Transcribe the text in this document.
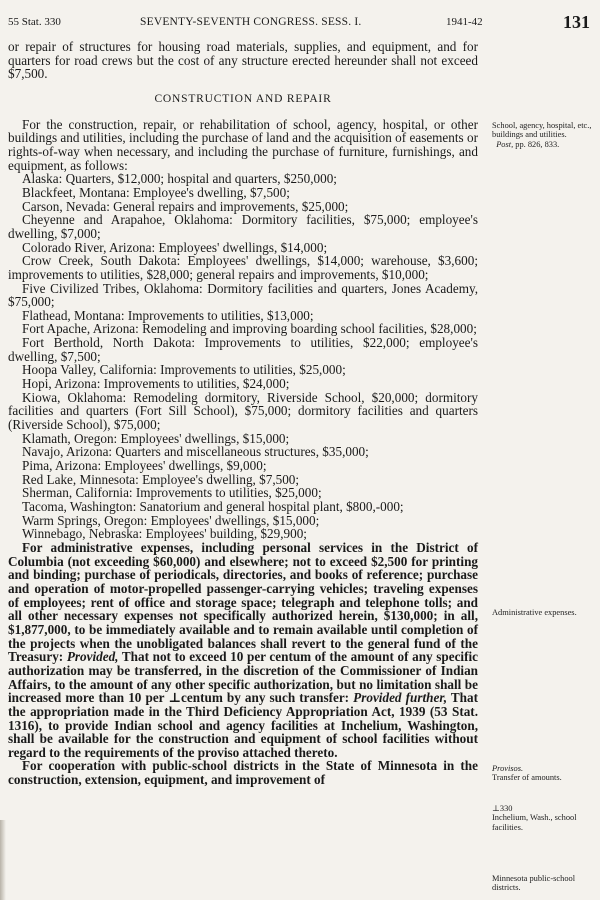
55 Stat. 330	SEVENTY-SEVENTH CONGRESS. SESS. I.	1941-42	131

or repair of structures for housing road materials, supplies, and equipment, and for quarters for road crews but the cost of any structure erected hereunder shall not exceed $7,500.

CONSTRUCTION AND REPAIR

For the construction, repair, or rehabilitation of school, agency, hospital, or other buildings and utilities, including the purchase of land and the acquisition of easements or rights-of-way when necessary, and including the purchase of furniture, furnishings, and equipment, as follows:

Alaska: Quarters, $12,000; hospital and quarters, $250,000;

Blackfeet, Montana: Employee's dwelling, $7,500;

Carson, Nevada: General repairs and improvements, $25,000;

Cheyenne and Arapahoe, Oklahoma: Dormitory facilities, $75,000; employee's dwelling, $7,000;

Colorado River, Arizona: Employees' dwellings, $14,000;

Crow Creek, South Dakota: Employees' dwellings, $14,000; warehouse, $3,600; improvements to utilities, $28,000; general repairs and improvements, $10,000;

Five Civilized Tribes, Oklahoma: Dormitory facilities and quarters, Jones Academy, $75,000;

Flathead, Montana: Improvements to utilities, $13,000;

Fort Apache, Arizona: Remodeling and improving boarding school facilities, $28,000;

Fort Berthold, North Dakota: Improvements to utilities, $22,000; employee's dwelling, $7,500;

Hoopa Valley, California: Improvements to utilities, $25,000;

Hopi, Arizona: Improvements to utilities, $24,000;

Kiowa, Oklahoma: Remodeling dormitory, Riverside School, $20,000; dormitory facilities and quarters (Fort Sill School), $75,000; dormitory facilities and quarters (Riverside School), $75,000;

Klamath, Oregon: Employees' dwellings, $15,000;

Navajo, Arizona: Quarters and miscellaneous structures, $35,000;

Pima, Arizona: Employees' dwellings, $9,000;

Red Lake, Minnesota: Employee's dwelling, $7,500;

Sherman, California: Improvements to utilities, $25,000;

Tacoma, Washington: Sanatorium and general hospital plant, $800,-000;

Warm Springs, Oregon: Employees' dwellings, $15,000;

Winnebago, Nebraska: Employees' building, $29,900;

For administrative expenses, including personal services in the District of Columbia (not exceeding $60,000) and elsewhere; not to exceed $2,500 for printing and binding; purchase of periodicals, directories, and books of reference; purchase and operation of motor-propelled passenger-carrying vehicles; traveling expenses of employees; rent of office and storage space; telegraph and telephone tolls; and all other necessary expenses not specifically authorized herein, $130,000; in all, $1,877,000, to be immediately available and to remain available until completion of the projects when the unobligated balances shall revert to the general fund of the Treasury: Provided, That not to exceed 10 per centum of the amount of any specific authorization may be transferred, in the discretion of the Commissioner of Indian Affairs, to the amount of any other specific authorization, but no limitation shall be increased more than 10 per ⊥centum by any such transfer: Provided further, That the appropriation made in the Third Deficiency Appropriation Act, 1939 (53 Stat. 1316), to provide Indian school and agency facilities at Inchelium, Washington, shall be available for the construction and equipment of school facilities without regard to the requirements of the proviso attached thereto.

For cooperation with public-school districts in the State of Minnesota in the construction, extension, equipment, and improvement of

School, agency, hospital, etc., buildings and utilities.
Post, pp. 826, 833.
Administrative expenses.
Provisos.
Transfer of amounts.
⊥330
Inchelium, Wash., school facilities.
Minnesota public-school districts.
